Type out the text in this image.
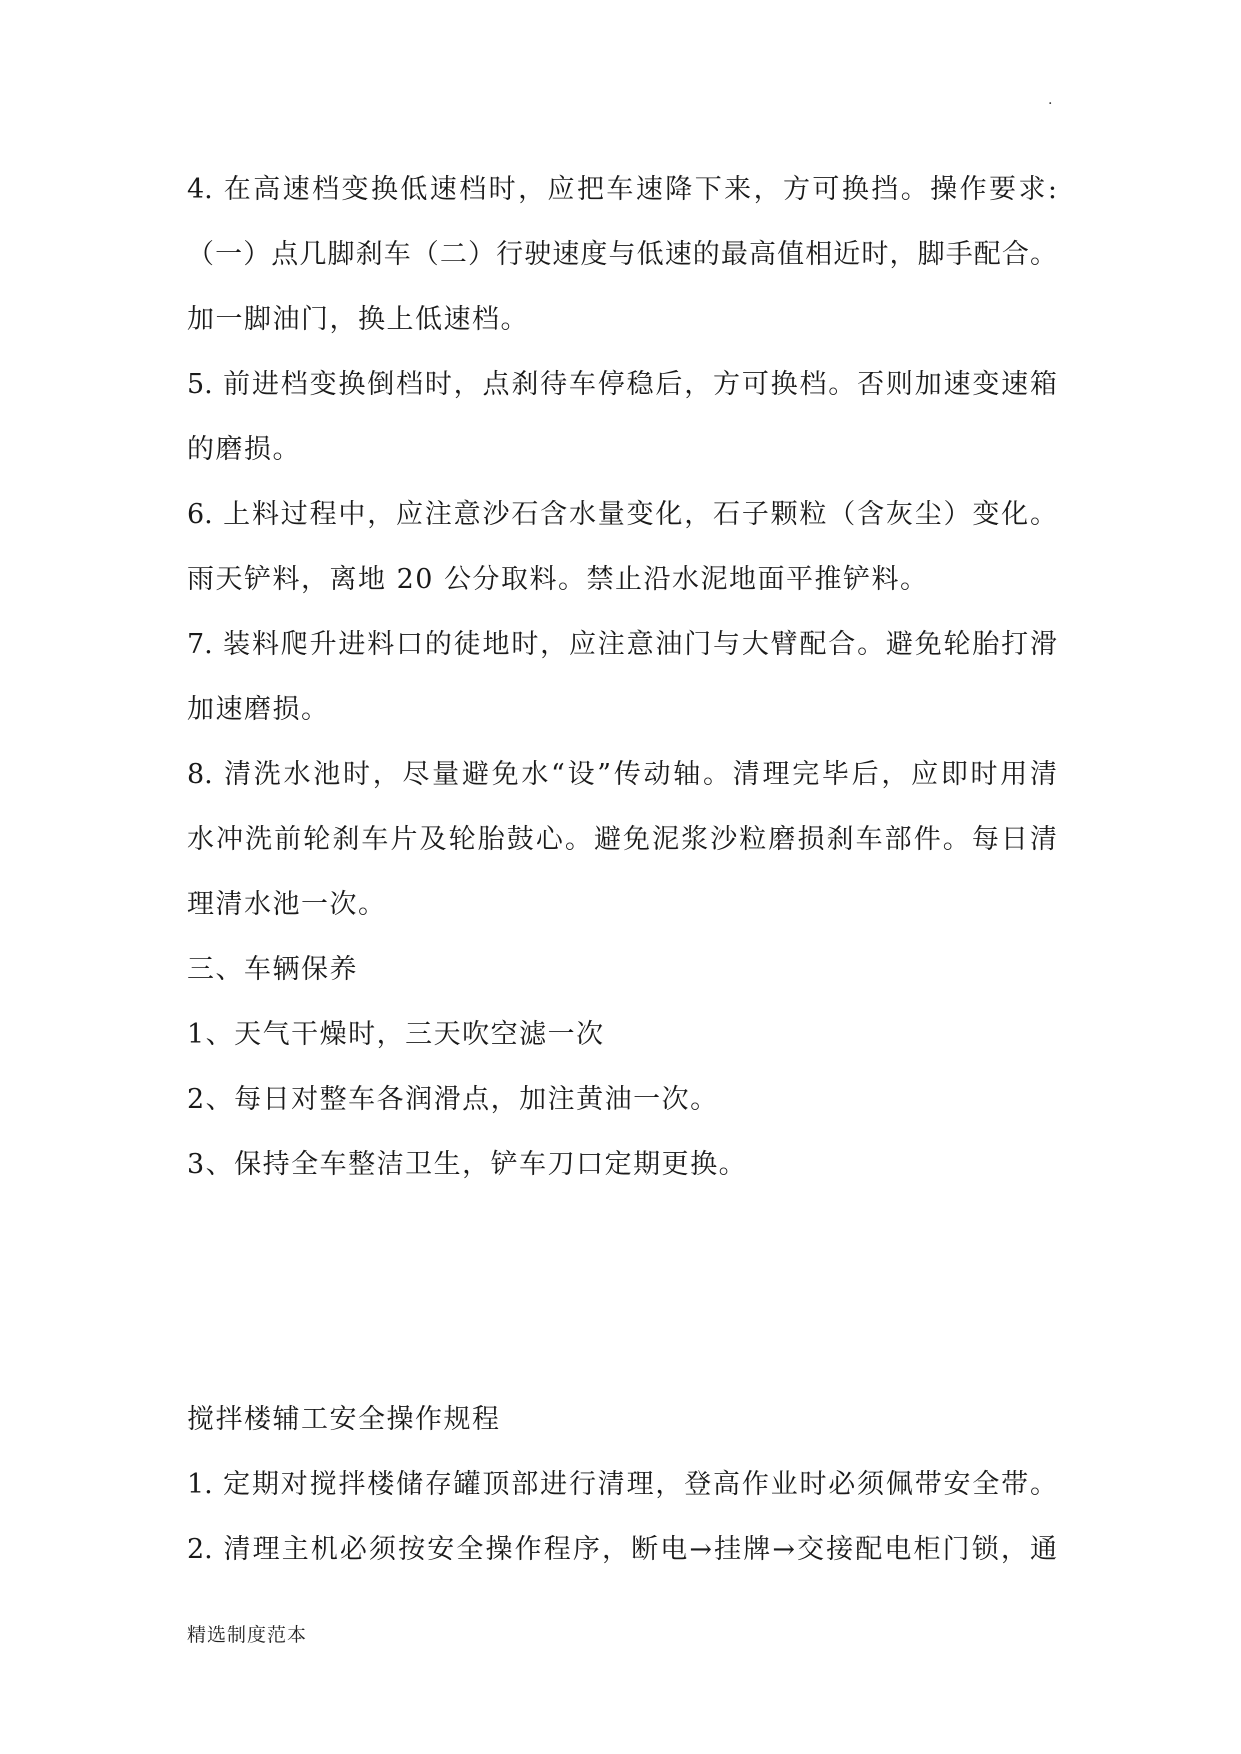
.
4. 在高速档变换低速档时，应把车速降下来，方可换挡。操作要求:
（一）点几脚刹车（二）行驶速度与低速的最高值相近时，脚手配合。
加一脚油门，换上低速档。
5. 前进档变换倒档时，点刹待车停稳后，方可换档。否则加速变速箱
的磨损。
6. 上料过程中，应注意沙石含水量变化，石子颗粒（含灰尘）变化。
雨天铲料，离地 20 公分取料。禁止沿水泥地面平推铲料。
7. 装料爬升进料口的徒地时，应注意油门与大臂配合。避免轮胎打滑
加速磨损。
8. 清洗水池时，尽量避免水“设”传动轴。清理完毕后，应即时用清
水冲洗前轮刹车片及轮胎鼓心。避免泥浆沙粒磨损刹车部件。每日清
理清水池一次。
三、车辆保养
1、天气干燥时，三天吹空滤一次
2、每日对整车各润滑点，加注黄油一次。
3、保持全车整洁卫生，铲车刀口定期更换。
搅拌楼辅工安全操作规程
1. 定期对搅拌楼储存罐顶部进行清理，登高作业时必须佩带安全带。
2. 清理主机必须按安全操作程序，断电→挂牌→交接配电柜门锁，通
精选制度范本
